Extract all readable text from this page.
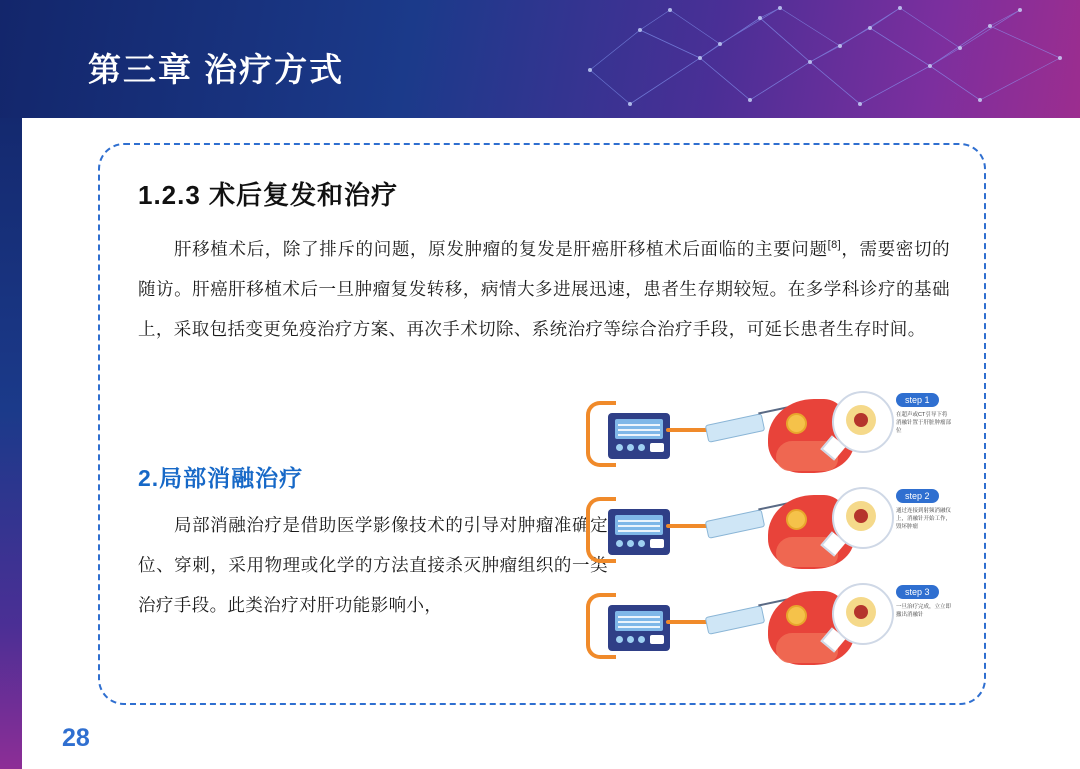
第三章 治疗方式
1.2.3 术后复发和治疗
肝移植术后，除了排斥的问题，原发肿瘤的复发是肝癌肝移植术后面临的主要问题[8]，需要密切的随访。肝癌肝移植术后一旦肿瘤复发转移，病情大多进展迅速，患者生存期较短。在多学科诊疗的基础上，采取包括变更免疫治疗方案、再次手术切除、系统治疗等综合治疗手段，可延长患者生存时间。
2.局部消融治疗
局部消融治疗是借助医学影像技术的引导对肿瘤准确定位、穿刺，采用物理或化学的方法直接杀灭肿瘤组织的一类治疗手段。此类治疗对肝功能影响小，
step 1
在超声或CT引导下将消融针置于肝脏肿瘤部位
step 2
通过连接到射频消融仪上，消融针开始工作，毁坏肿瘤
step 3
一旦治疗完成，立立即撤出消融针
28
